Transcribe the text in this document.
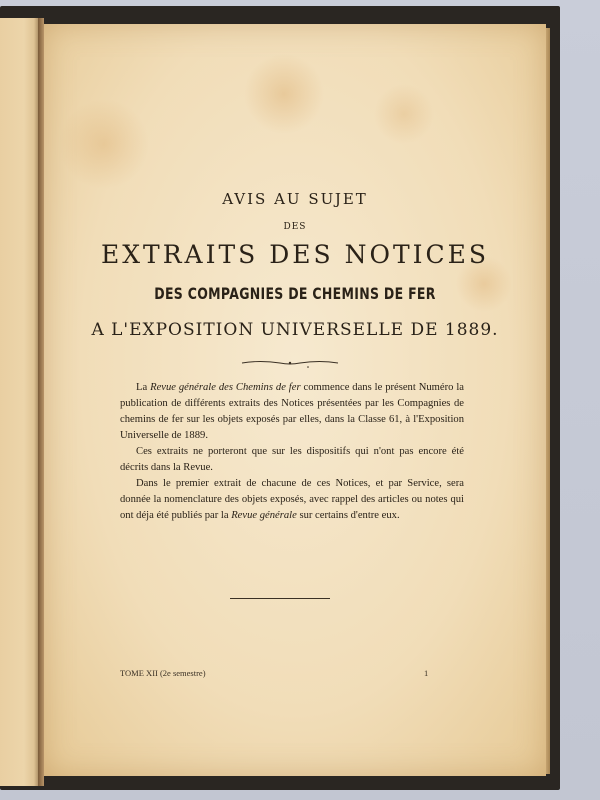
AVIS AU SUJET
DES
EXTRAITS DES NOTICES
DES COMPAGNIES DE CHEMINS DE FER
A L'EXPOSITION UNIVERSELLE DE 1889.

La Revue générale des Chemins de fer commence dans le présent Numéro la publication de différents extraits des Notices présentées par les Compagnies de chemins de fer sur les objets exposés par elles, dans la Classe 61, à l'Exposition Universelle de 1889.

Ces extraits ne porteront que sur les dispositifs qui n'ont pas encore été décrits dans la Revue.

Dans le premier extrait de chacune de ces Notices, et par Service, sera donnée la nomenclature des objets exposés, avec rappel des articles ou notes qui ont déja été publiés par la Revue générale sur certains d'entre eux.

TOME XII (2e semestre)	1
